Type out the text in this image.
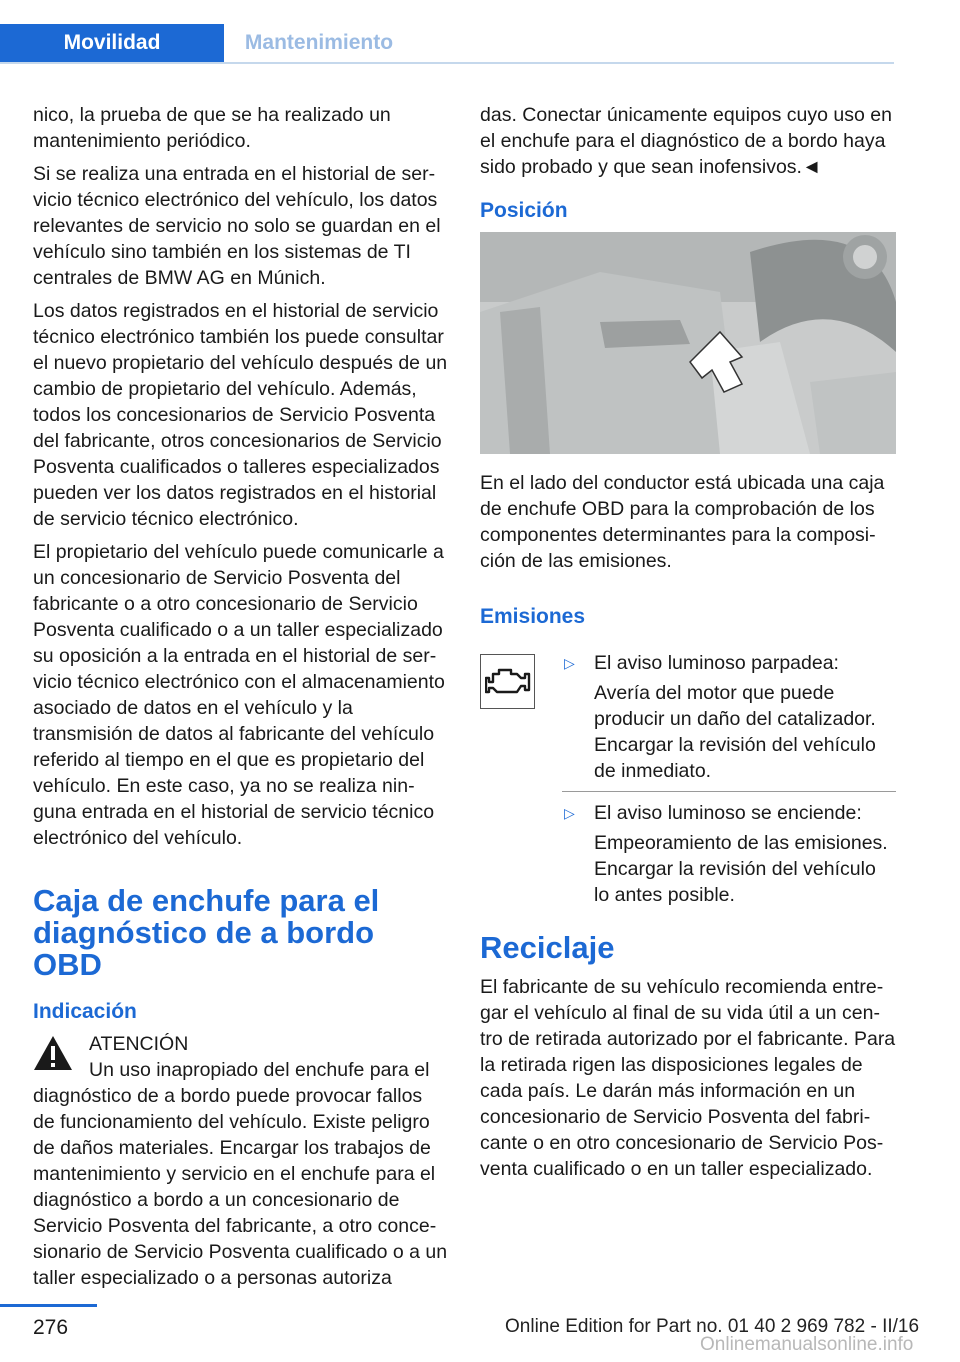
Movilidad	Mantenimiento

nico, la prueba de que se ha realizado un mantenimiento periódico.

Si se realiza una entrada en el historial de servicio técnico electrónico del vehículo, los datos relevantes de servicio no solo se guardan en el vehículo sino también en los sistemas de TI centrales de BMW AG en Múnich.

Los datos registrados en el historial de servicio técnico electrónico también los puede consultar el nuevo propietario del vehículo después de un cambio de propietario del vehículo. Además, todos los concesionarios de Servicio Posventa del fabricante, otros concesionarios de Servicio Posventa cualificados o talleres especializados pueden ver los datos registrados en el historial de servicio técnico electrónico.

El propietario del vehículo puede comunicarle a un concesionario de Servicio Posventa del fabricante o a otro concesionario de Servicio Posventa cualificado o a un taller especializado su oposición a la entrada en el historial de servicio técnico electrónico con el almacenamiento asociado de datos en el vehículo y la transmisión de datos al fabricante del vehículo referido al tiempo en el que es propietario del vehículo. En este caso, ya no se realiza ninguna entrada en el historial de servicio técnico electrónico del vehículo.

Caja de enchufe para el diagnóstico de a bordo OBD
Indicación
ATENCIÓN
Un uso inapropiado del enchufe para el
diagnóstico de a bordo puede provocar fallos de funcionamiento del vehículo. Existe peligro de daños materiales. Encargar los trabajos de mantenimiento y servicio en el enchufe para el diagnóstico a bordo a un concesionario de Servicio Posventa del fabricante, a otro concesionario de Servicio Posventa cualificado o a un taller especializado o a personas autoriza

das. Conectar únicamente equipos cuyo uso en el enchufe para el diagnóstico de a bordo haya sido probado y que sean inofensivos.◄

Posición

En el lado del conductor está ubicada una caja de enchufe OBD para la comprobación de los componentes determinantes para la composición de las emisiones.

Emisiones
▷ El aviso luminoso parpadea:
Avería del motor que puede producir un daño del catalizador. Encargar la revisión del vehículo de inmediato.
▷ El aviso luminoso se enciende:
Empeoramiento de las emisiones. Encargar la revisión del vehículo lo antes posible.
Reciclaje

El fabricante de su vehículo recomienda entregar el vehículo al final de su vida útil a un centro de retirada autorizado por el fabricante. Para la retirada rigen las disposiciones legales de cada país. Le darán más información en un concesionario de Servicio Posventa del fabricante o en otro concesionario de Servicio Posventa cualificado o en un taller especializado.

276	Online Edition for Part no. 01 40 2 969 782 - II/16
Onlinemanualsonline.info
